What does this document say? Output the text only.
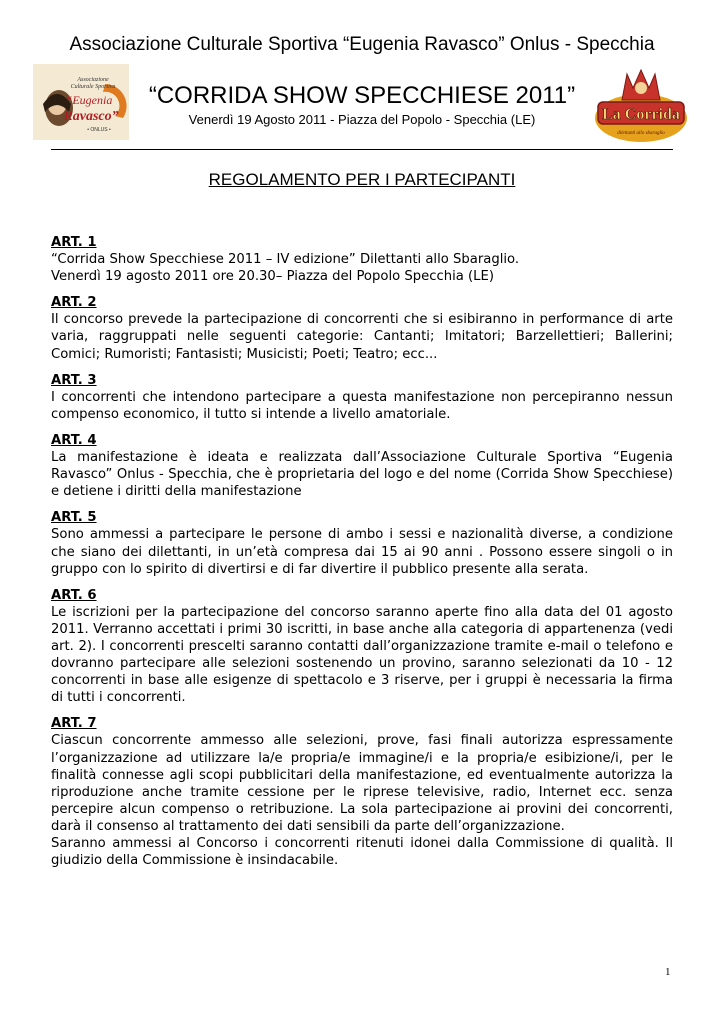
Associazione Culturale Sportiva “Eugenia Ravasco” Onlus - Specchia
Associazione
Culturale Sportiva
“Eugenia
Ravasco”
• ONLUS •
La Corrida
dilettanti allo sbaraglio
“CORRIDA SHOW SPECCHIESE 2011”
Venerdì 19 Agosto 2011 - Piazza del Popolo - Specchia (LE)
REGOLAMENTO PER I PARTECIPANTI
ART. 1

“Corrida Show Specchiese 2011 – IV edizione” Dilettanti allo Sbaraglio.

Venerdì 19 agosto 2011 ore 20.30– Piazza del Popolo Specchia (LE)

ART. 2

Il concorso prevede la partecipazione di concorrenti che si esibiranno in performance di arte varia, raggruppati nelle seguenti categorie: Cantanti; Imitatori; Barzellettieri; Ballerini; Comici; Rumoristi; Fantasisti; Musicisti; Poeti; Teatro; ecc...

ART. 3

I concorrenti che intendono partecipare a questa manifestazione non percepiranno nessun compenso economico, il tutto si intende a livello amatoriale.

ART. 4

La manifestazione è ideata e realizzata dall’Associazione Culturale Sportiva “Eugenia Ravasco” Onlus - Specchia, che è proprietaria del logo e del nome (Corrida Show Specchiese) e detiene i diritti della manifestazione

ART. 5

Sono ammessi a partecipare le persone di ambo i sessi e nazionalità diverse, a condizione che siano dei dilettanti, in un’età compresa dai 15 ai 90 anni . Possono essere singoli o in gruppo con lo spirito di divertirsi e di far divertire il pubblico presente alla serata.

ART. 6

Le iscrizioni per la partecipazione del concorso saranno aperte fino alla data del 01 agosto 2011. Verranno accettati i primi 30 iscritti, in base anche alla categoria di appartenenza (vedi art. 2). I concorrenti prescelti saranno contatti dall’organizzazione tramite e-mail o telefono e dovranno partecipare alle selezioni sostenendo un provino, saranno selezionati da 10 - 12 concorrenti in base alle esigenze di spettacolo e 3 riserve, per i gruppi è necessaria la firma di tutti i concorrenti.

ART. 7

Ciascun concorrente ammesso alle selezioni, prove, fasi finali autorizza espressamente l’organizzazione ad utilizzare la/e propria/e immagine/i e la propria/e esibizione/i, per le finalità connesse agli scopi pubblicitari della manifestazione, ed eventualmente autorizza la riproduzione anche tramite cessione per le riprese televisive, radio, Internet ecc. senza percepire alcun compenso o retribuzione. La sola partecipazione ai provini dei concorrenti, darà il consenso al trattamento dei dati sensibili da parte dell’organizzazione.

Saranno ammessi al Concorso i concorrenti ritenuti idonei dalla Commissione di qualità. Il giudizio della Commissione è insindacabile.

1
